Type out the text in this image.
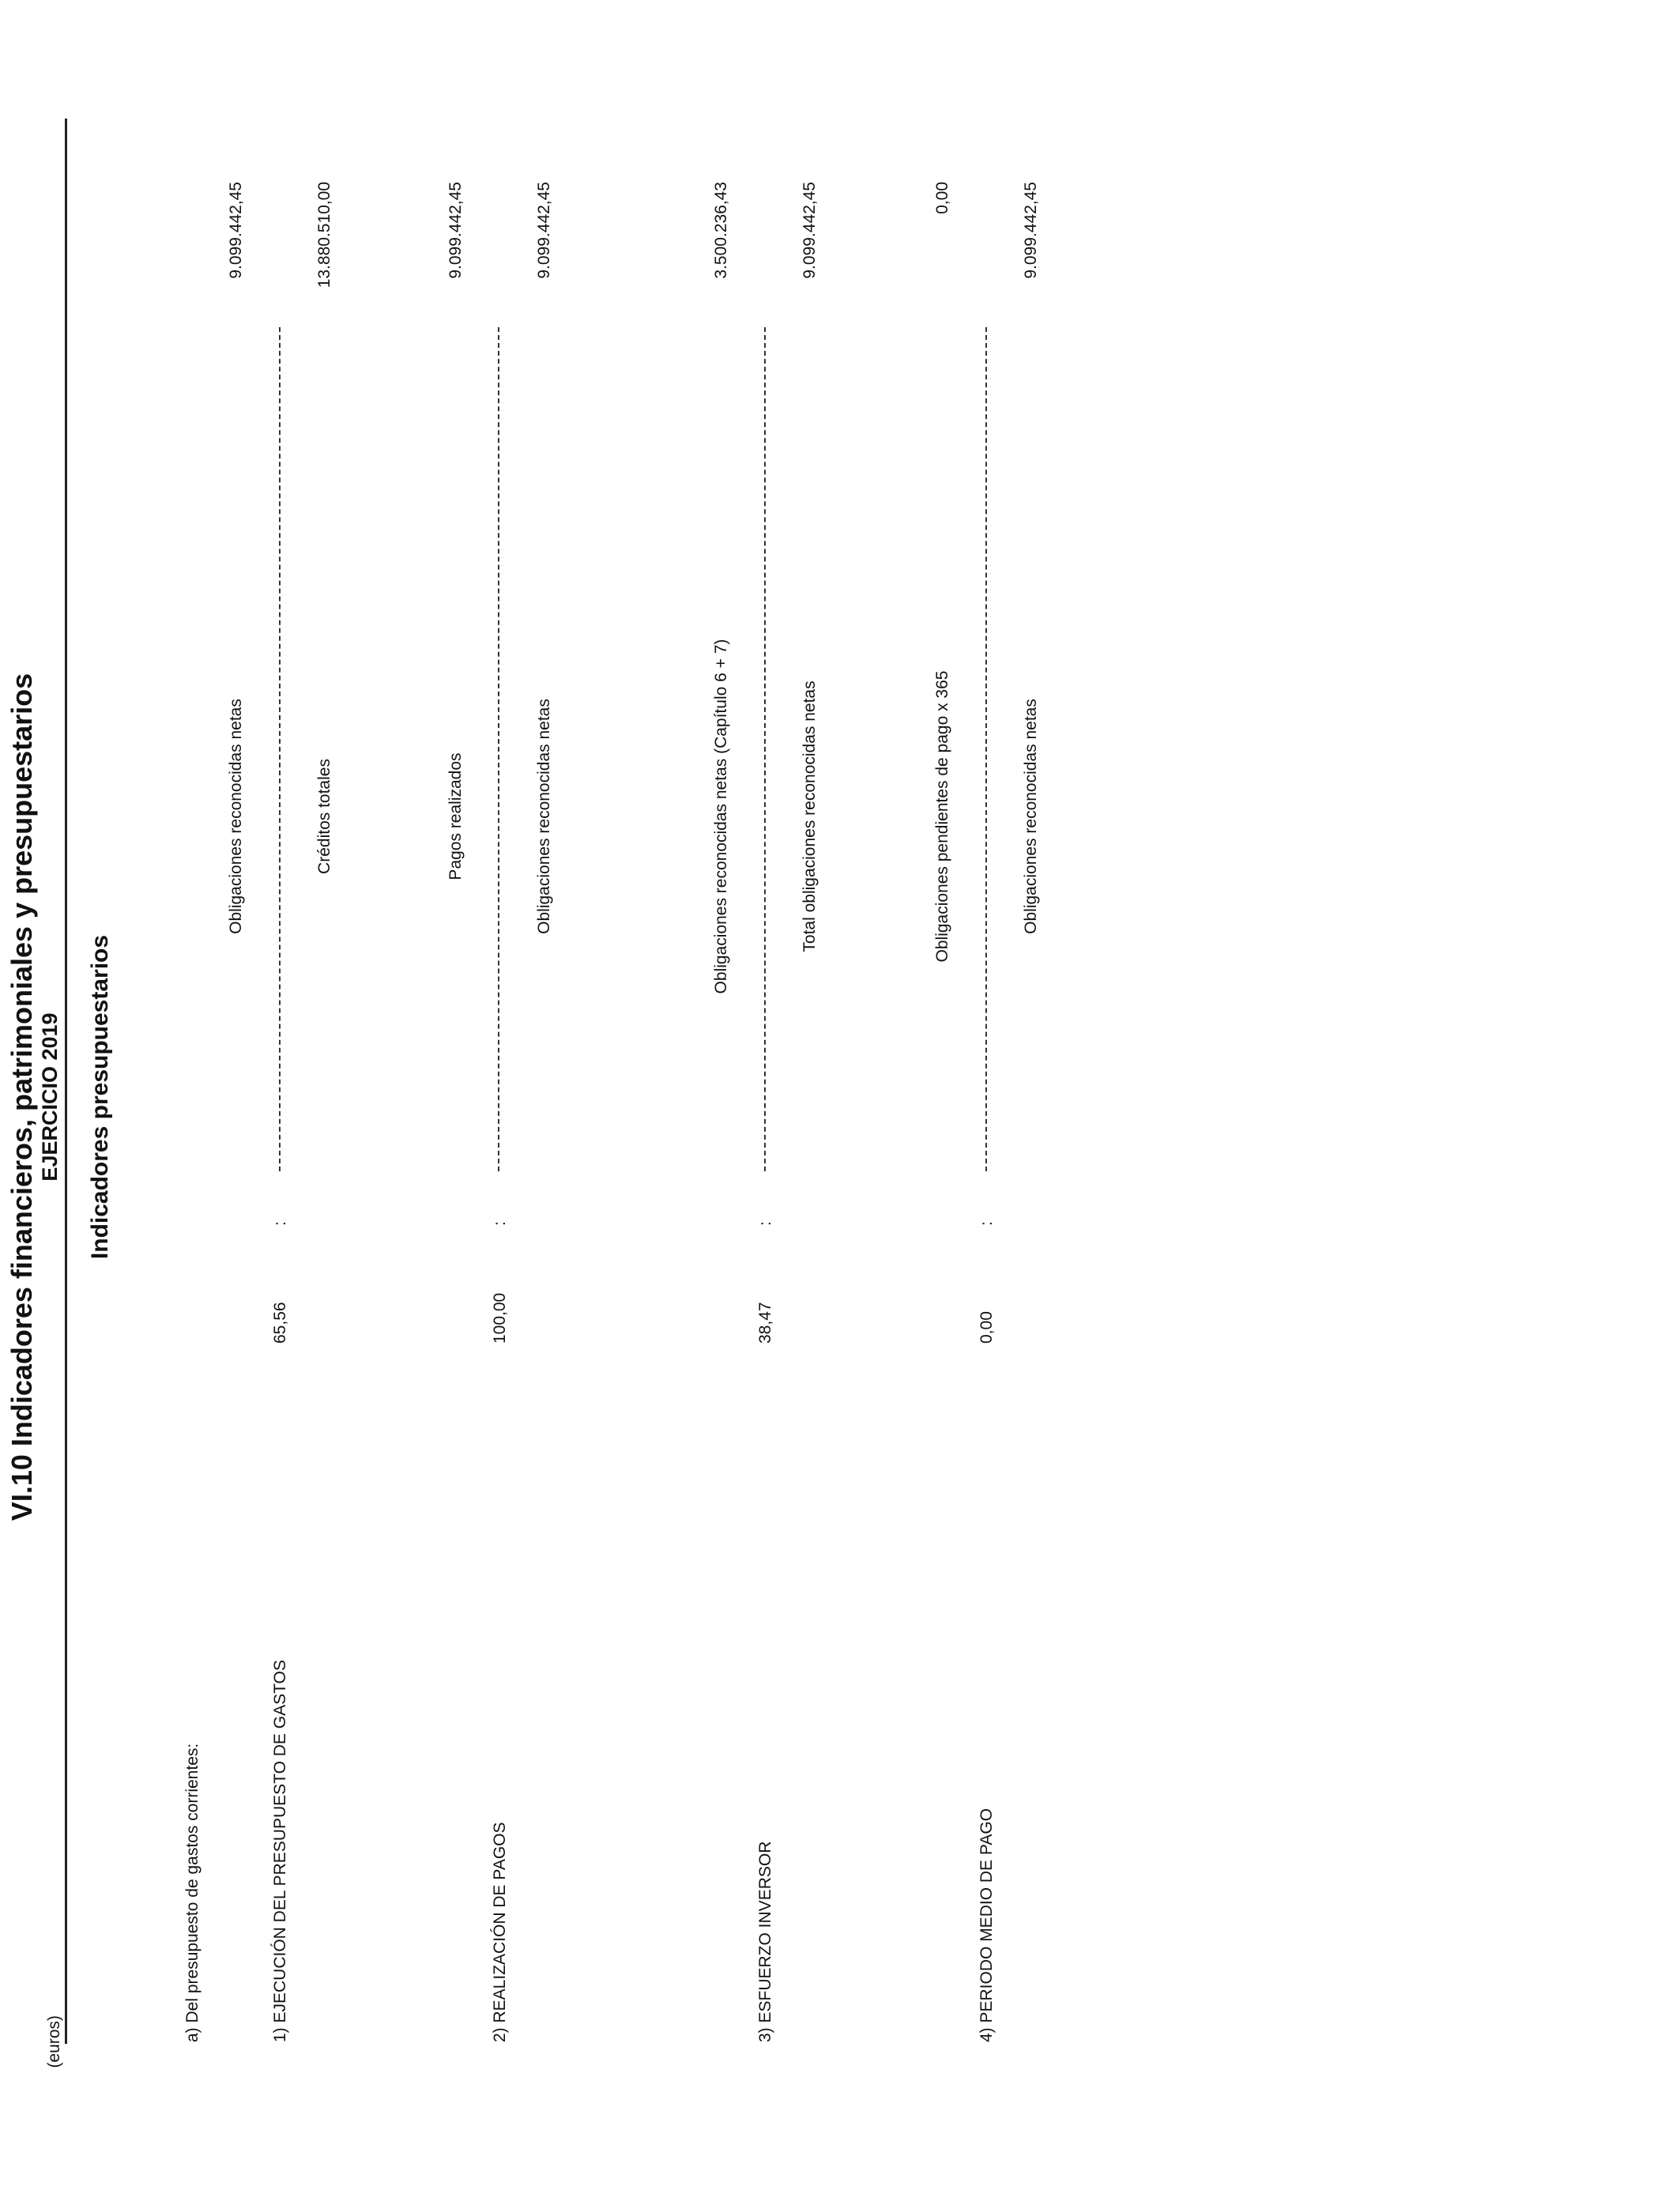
VI.10 Indicadores financieros, patrimoniales y presupuestarios EJERCICIO 2019
(euros)
Indicadores presupuestarios
a) Del presupuesto de gastos corrientes:	1) EJECUCIÓN DEL PRESUPUESTO DE GASTOS
65,56
:
Obligaciones reconocidas netas	Créditos totales
9.099.442,45	13.880.510,00
2) REALIZACIÓN DE PAGOS
100,00
:
Pagos realizados	Obligaciones reconocidas netas
9.099.442,45	9.099.442,45
3) ESFUERZO INVERSOR
38,47
:
Obligaciones reconocidas netas (Capítulo 6 + 7)	Total obligaciones reconocidas netas
3.500.236,43	9.099.442,45
4) PERIODO MEDIO DE PAGO
0,00
:
Obligaciones pendientes de pago x 365	Obligaciones reconocidas netas
0,00	9.099.442,45
